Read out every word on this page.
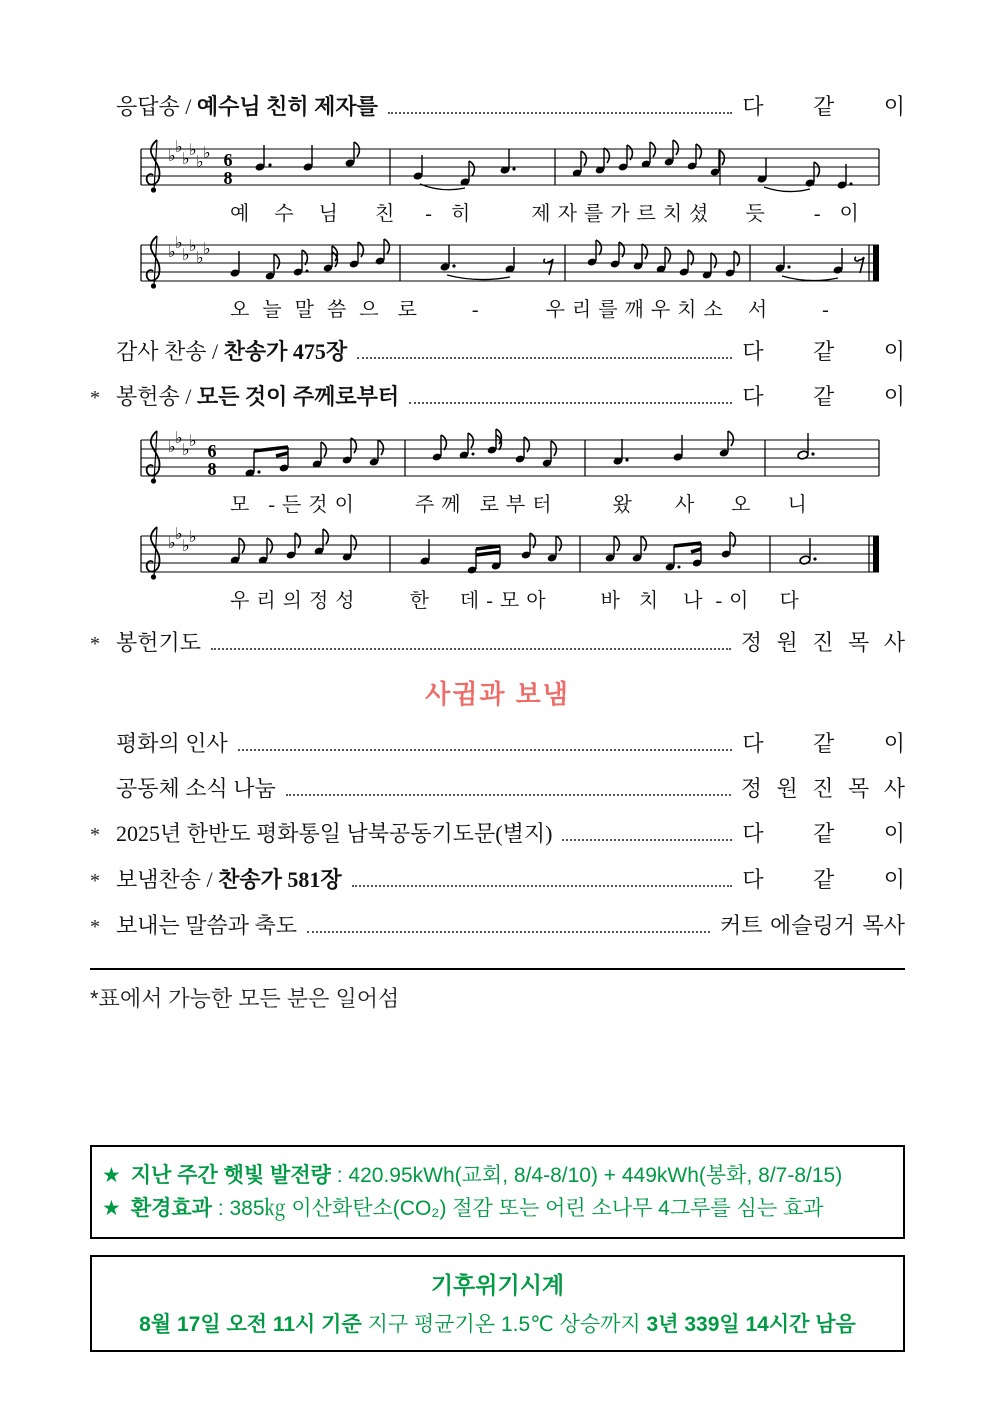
응답송 / 예수님 친히 제자를	다 같 이
♭ ♭
♭ ♭
♭ ♭ 6
8
예    수    님      친     -   히          제 자 를 가 르 치 셨      듯        -   이
♭ ♭
♭ ♭
♭ ♭
오  늘  말  씀  으   로         -           우 리 를 깨 우 치 소    서         -
감사 찬송 / 찬송가 475장	다 같 이
* 봉헌송 / 모든 것이 주께로부터	다 같 이
♭ ♭
♭ ♭
6
8
모   - 든 것 이          주 께   로 부 터          왔       사      오      니
♭ ♭
♭ ♭
우 리 의 정 성         한     데 - 모 아         바   치    나  - 이     다
* 봉헌기도	정 원 진 목 사
사귐과 보냄
평화의 인사	다 같 이
공동체 소식 나눔	정 원 진 목 사
* 2025년 한반도 평화통일 남북공동기도문(별지)	다 같 이
* 보냄찬송 / 찬송가 581장	다 같 이
* 보내는 말씀과 축도	커트 에슬링거 목사
*표에서 가능한 모든 분은 일어섬
★ 지난 주간 햇빛 발전량 : 420.95kWh(교회, 8/4-8/10) + 449kWh(봉화, 8/7-8/15)
★ 환경효과 : 385㎏ 이산화탄소(CO₂) 절감 또는 어린 소나무 4그루를 심는 효과
기후위기시계
8월 17일 오전 11시 기준 지구 평균기온 1.5℃ 상승까지 3년 339일 14시간 남음
